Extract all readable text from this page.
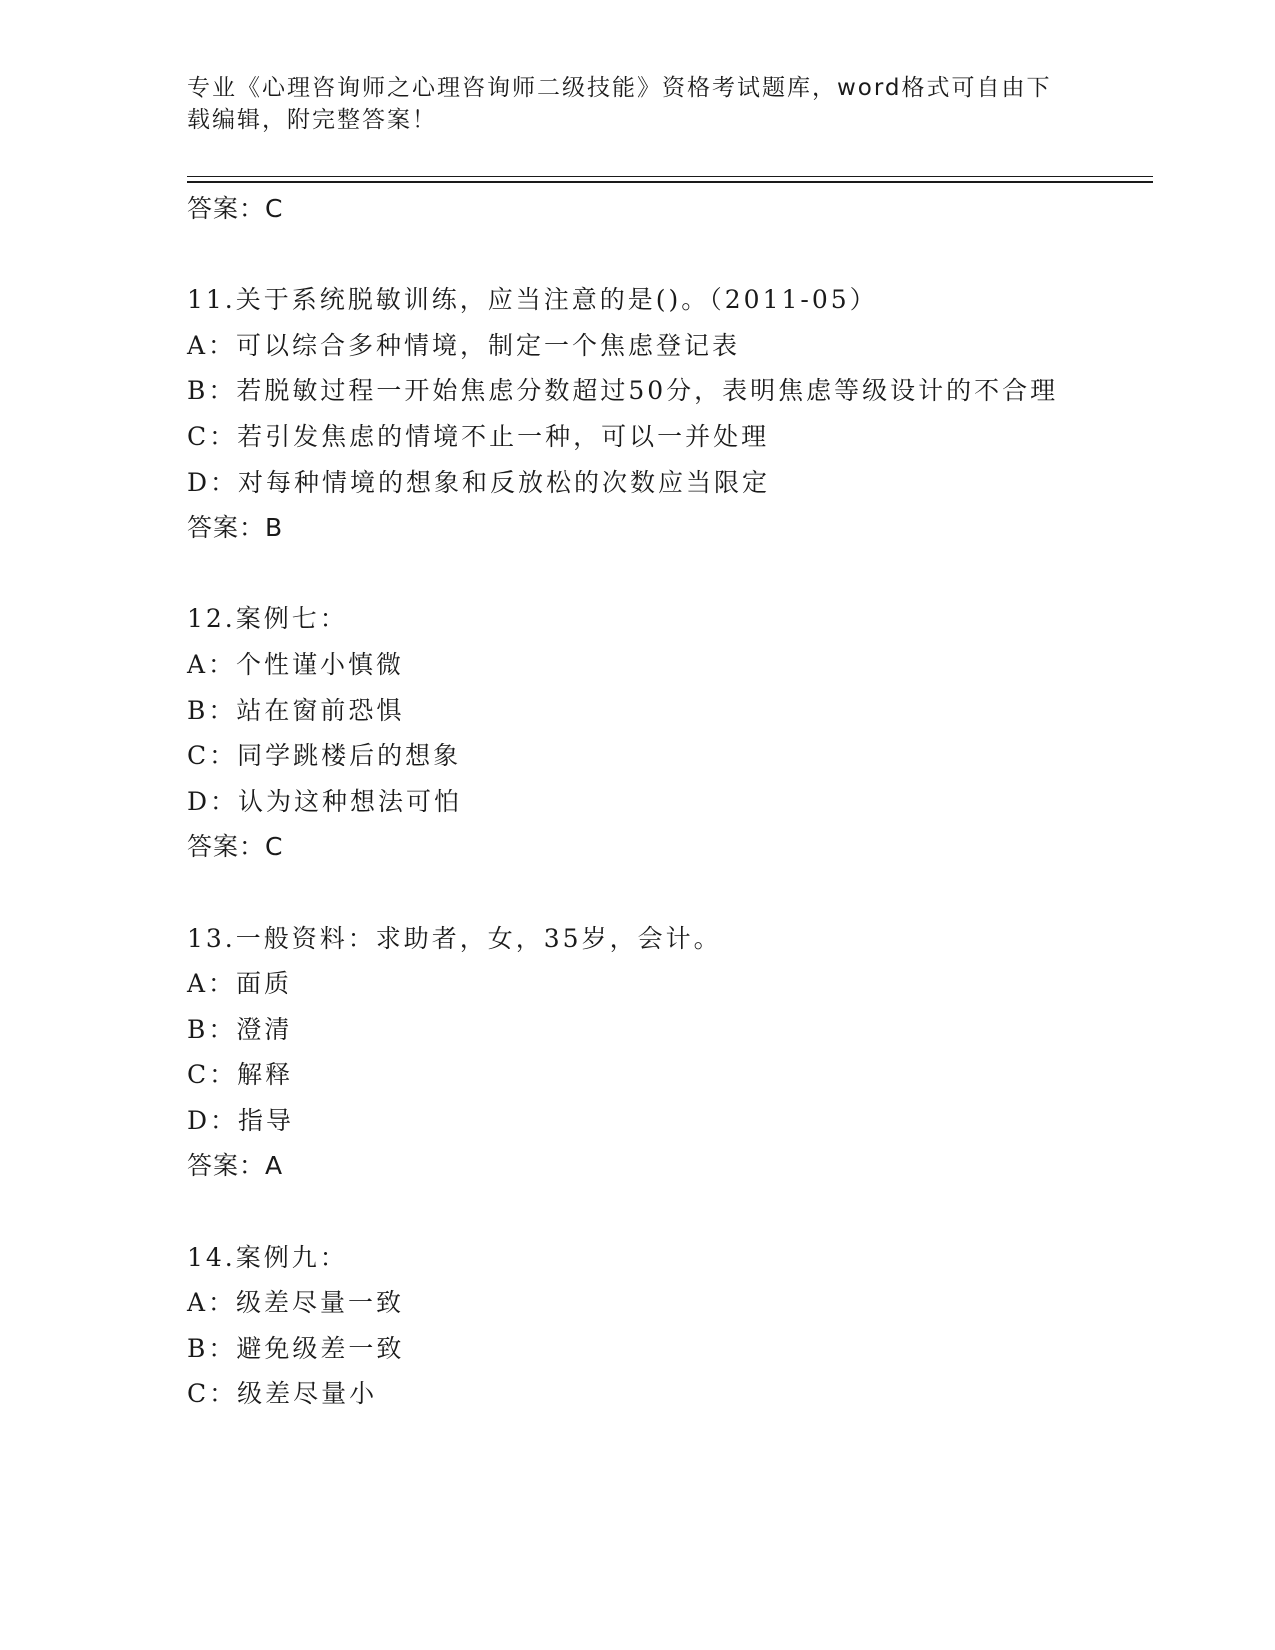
专业《心理咨询师之心理咨询师二级技能》资格考试题库，word格式可自由下载编辑，附完整答案！
答案：C
11.关于系统脱敏训练，应当注意的是()。（2011-05）
A：可以综合多种情境，制定一个焦虑登记表
B：若脱敏过程一开始焦虑分数超过50分，表明焦虑等级设计的不合理
C：若引发焦虑的情境不止一种，可以一并处理
D：对每种情境的想象和反放松的次数应当限定
答案：B
12.案例七：
A：个性谨小慎微
B：站在窗前恐惧
C：同学跳楼后的想象
D：认为这种想法可怕
答案：C
13.一般资料：求助者，女，35岁，会计。
A：面质
B：澄清
C：解释
D：指导
答案：A
14.案例九：
A：级差尽量一致
B：避免级差一致
C：级差尽量小
